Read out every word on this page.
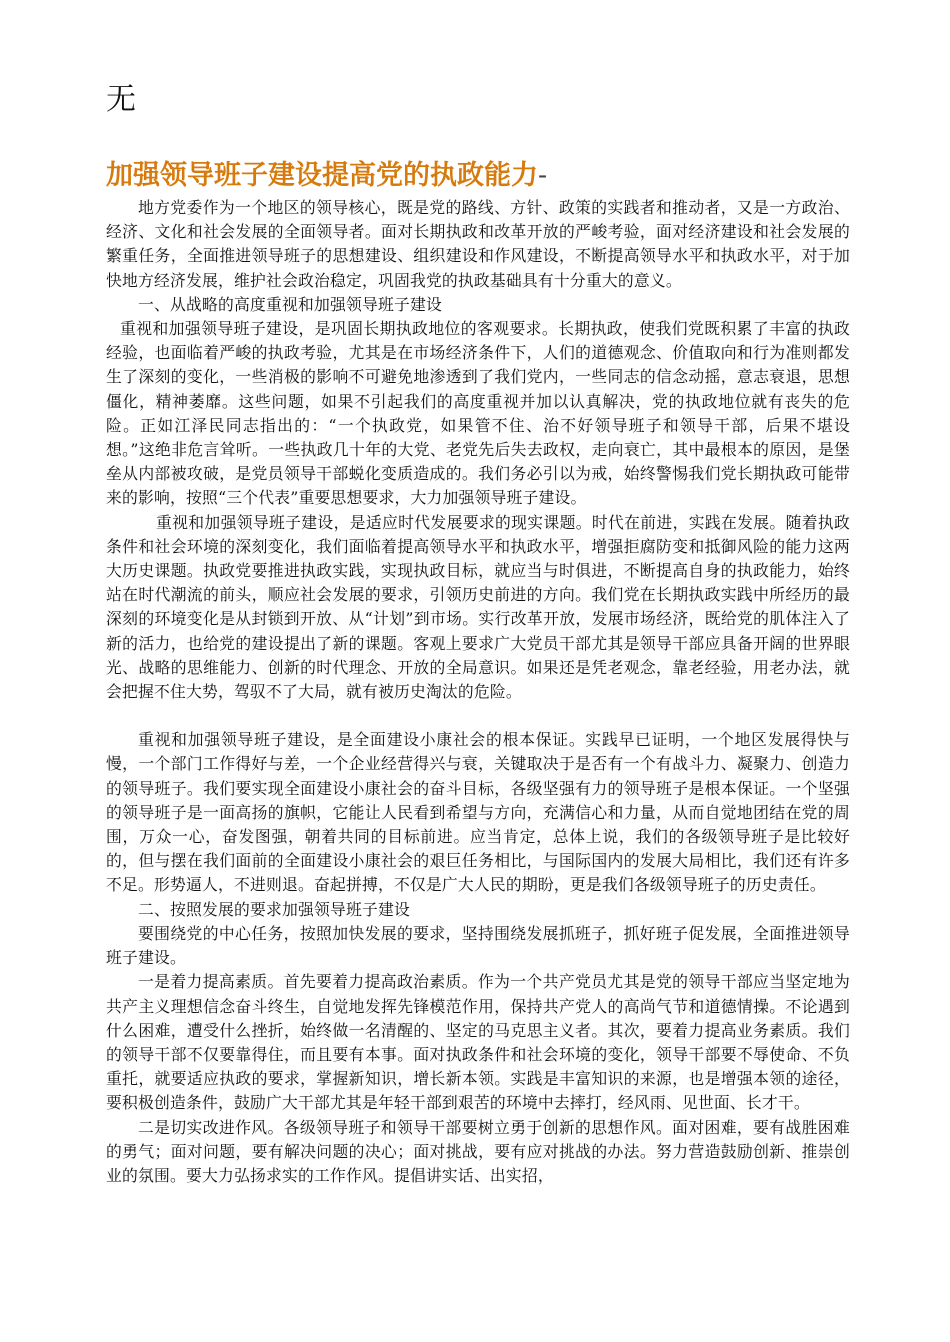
无
加强领导班子建设提高党的执政能力-

地方党委作为一个地区的领导核心，既是党的路线、方针、政策的实践者和推动者，又是一方政治、经济、文化和社会发展的全面领导者。面对长期执政和改革开放的严峻考验，面对经济建设和社会发展的繁重任务，全面推进领导班子的思想建设、组织建设和作风建设，不断提高领导水平和执政水平，对于加快地方经济发展，维护社会政治稳定，巩固我党的执政基础具有十分重大的意义。

一、从战略的高度重视和加强领导班子建设

重视和加强领导班子建设，是巩固长期执政地位的客观要求。长期执政，使我们党既积累了丰富的执政经验，也面临着严峻的执政考验，尤其是在市场经济条件下，人们的道德观念、价值取向和行为准则都发生了深刻的变化，一些消极的影响不可避免地渗透到了我们党内，一些同志的信念动摇，意志衰退，思想僵化，精神萎靡。这些问题，如果不引起我们的高度重视并加以认真解决，党的执政地位就有丧失的危险。正如江泽民同志指出的：“一个执政党，如果管不住、治不好领导班子和领导干部，后果不堪设想。”这绝非危言耸听。一些执政几十年的大党、老党先后失去政权，走向衰亡，其中最根本的原因，是堡垒从内部被攻破，是党员领导干部蜕化变质造成的。我们务必引以为戒，始终警惕我们党长期执政可能带来的影响，按照“三个代表”重要思想要求，大力加强领导班子建设。

重视和加强领导班子建设，是适应时代发展要求的现实课题。时代在前进，实践在发展。随着执政条件和社会环境的深刻变化，我们面临着提高领导水平和执政水平，增强拒腐防变和抵御风险的能力这两大历史课题。执政党要推进执政实践，实现执政目标，就应当与时俱进，不断提高自身的执政能力，始终站在时代潮流的前头，顺应社会发展的要求，引领历史前进的方向。我们党在长期执政实践中所经历的最深刻的环境变化是从封锁到开放、从“计划”到市场。实行改革开放，发展市场经济，既给党的肌体注入了新的活力，也给党的建设提出了新的课题。客观上要求广大党员干部尤其是领导干部应具备开阔的世界眼光、战略的思维能力、创新的时代理念、开放的全局意识。如果还是凭老观念，靠老经验，用老办法，就会把握不住大势，驾驭不了大局，就有被历史淘汰的危险。

重视和加强领导班子建设，是全面建设小康社会的根本保证。实践早已证明，一个地区发展得快与慢，一个部门工作得好与差，一个企业经营得兴与衰，关键取决于是否有一个有战斗力、凝聚力、创造力的领导班子。我们要实现全面建设小康社会的奋斗目标，各级坚强有力的领导班子是根本保证。一个坚强的领导班子是一面高扬的旗帜，它能让人民看到希望与方向，充满信心和力量，从而自觉地团结在党的周围，万众一心，奋发图强，朝着共同的目标前进。应当肯定，总体上说，我们的各级领导班子是比较好的，但与摆在我们面前的全面建设小康社会的艰巨任务相比，与国际国内的发展大局相比，我们还有许多不足。形势逼人，不进则退。奋起拼搏，不仅是广大人民的期盼，更是我们各级领导班子的历史责任。

二、按照发展的要求加强领导班子建设

要围绕党的中心任务，按照加快发展的要求，坚持围绕发展抓班子，抓好班子促发展，全面推进领导班子建设。

一是着力提高素质。首先要着力提高政治素质。作为一个共产党员尤其是党的领导干部应当坚定地为共产主义理想信念奋斗终生，自觉地发挥先锋模范作用，保持共产党人的高尚气节和道德情操。不论遇到什么困难，遭受什么挫折，始终做一名清醒的、坚定的马克思主义者。其次，要着力提高业务素质。我们的领导干部不仅要靠得住，而且要有本事。面对执政条件和社会环境的变化，领导干部要不辱使命、不负重托，就要适应执政的要求，掌握新知识，增长新本领。实践是丰富知识的来源，也是增强本领的途径，要积极创造条件，鼓励广大干部尤其是年轻干部到艰苦的环境中去摔打，经风雨、见世面、长才干。

二是切实改进作风。各级领导班子和领导干部要树立勇于创新的思想作风。面对困难，要有战胜困难的勇气；面对问题，要有解决问题的决心；面对挑战，要有应对挑战的办法。努力营造鼓励创新、推崇创业的氛围。要大力弘扬求实的工作作风。提倡讲实话、出实招，
